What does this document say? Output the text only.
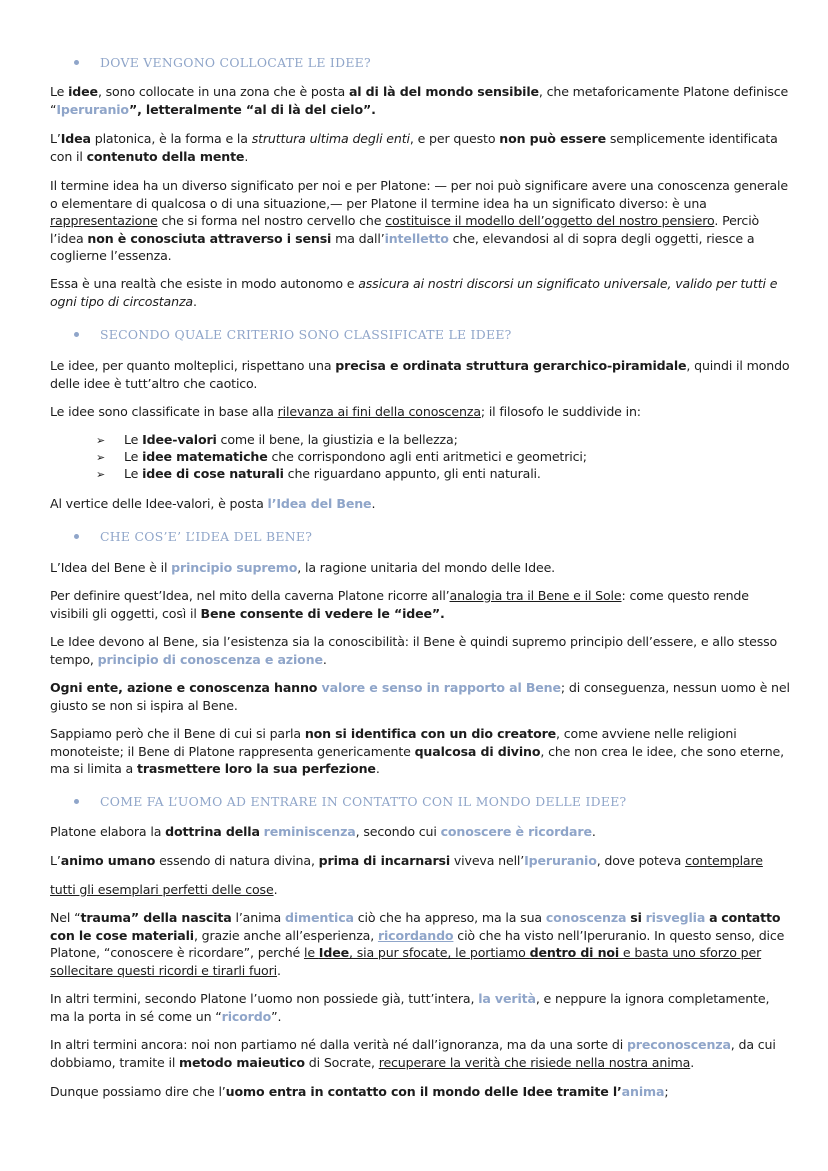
DOVE VENGONO COLLOCATE LE IDEE?

Le idee, sono collocate in una zona che è posta al di là del mondo sensibile, che metaforicamente Platone definisce “Iperuranio”, letteralmente “al di là del cielo”.

L’Idea platonica, è la forma e la struttura ultima degli enti, e per questo non può essere semplicemente identificata con il contenuto della mente.

Il termine idea ha un diverso significato per noi e per Platone: — per noi può significare avere una conoscenza generale o elementare di qualcosa o di una situazione,— per Platone il termine idea ha un significato diverso: è una rappresentazione che si forma nel nostro cervello che costituisce il modello dell’oggetto del nostro pensiero. Perciò l’idea non è conosciuta attraverso i sensi ma dall’intelletto che, elevandosi al di sopra degli oggetti, riesce a coglierne l’essenza.

Essa è una realtà che esiste in modo autonomo e assicura ai nostri discorsi un significato universale, valido per tutti e ogni tipo di circostanza.

SECONDO QUALE CRITERIO SONO CLASSIFICATE LE IDEE?

Le idee, per quanto molteplici, rispettano una precisa e ordinata struttura gerarchico-piramidale, quindi il mondo delle idee è tutt’altro che caotico.

Le idee sono classificate in base alla rilevanza ai fini della conoscenza; il filosofo le suddivide in:

➢ Le Idee-valori come il bene, la giustizia e la bellezza;
➢ Le idee matematiche che corrispondono agli enti aritmetici e geometrici;
➢ Le idee di cose naturali che riguardano appunto, gli enti naturali.

Al vertice delle Idee-valori, è posta l’Idea del Bene.

CHE COS’E’ L’IDEA DEL BENE?

L’Idea del Bene è il principio supremo, la ragione unitaria del mondo delle Idee.

Per definire quest’Idea, nel mito della caverna Platone ricorre all’analogia tra il Bene e il Sole: come questo rende visibili gli oggetti, così il Bene consente di vedere le “idee”.

Le Idee devono al Bene, sia l’esistenza sia la conoscibilità: il Bene è quindi supremo principio dell’essere, e allo stesso tempo, principio di conoscenza e azione.

Ogni ente, azione e conoscenza hanno valore e senso in rapporto al Bene; di conseguenza, nessun uomo è nel giusto se non si ispira al Bene.

Sappiamo però che il Bene di cui si parla non si identifica con un dio creatore, come avviene nelle religioni monoteiste; il Bene di Platone rappresenta genericamente qualcosa di divino, che non crea le idee, che sono eterne, ma si limita a trasmettere loro la sua perfezione.

COME FA L’UOMO AD ENTRARE IN CONTATTO CON IL MONDO DELLE IDEE?

Platone elabora la dottrina della reminiscenza, secondo cui conoscere è ricordare.

L’animo umano essendo di natura divina, prima di incarnarsi viveva nell’Iperuranio, dove poteva contemplare

tutti gli esemplari perfetti delle cose.

Nel “trauma” della nascita l’anima dimentica ciò che ha appreso, ma la sua conoscenza si risveglia a contatto con le cose materiali, grazie anche all’esperienza, ricordando ciò che ha visto nell’Iperuranio. In questo senso, dice Platone, “conoscere è ricordare”, perché le Idee, sia pur sfocate, le portiamo dentro di noi e basta uno sforzo per sollecitare questi ricordi e tirarli fuori.

In altri termini, secondo Platone l’uomo non possiede già, tutt’intera, la verità, e neppure la ignora completamente, ma la porta in sé come un “ricordo”.

In altri termini ancora: noi non partiamo né dalla verità né dall’ignoranza, ma da una sorte di preconoscenza, da cui dobbiamo, tramite il metodo maieutico di Socrate, recuperare la verità che risiede nella nostra anima.

Dunque possiamo dire che l’uomo entra in contatto con il mondo delle Idee tramite l’anima;
